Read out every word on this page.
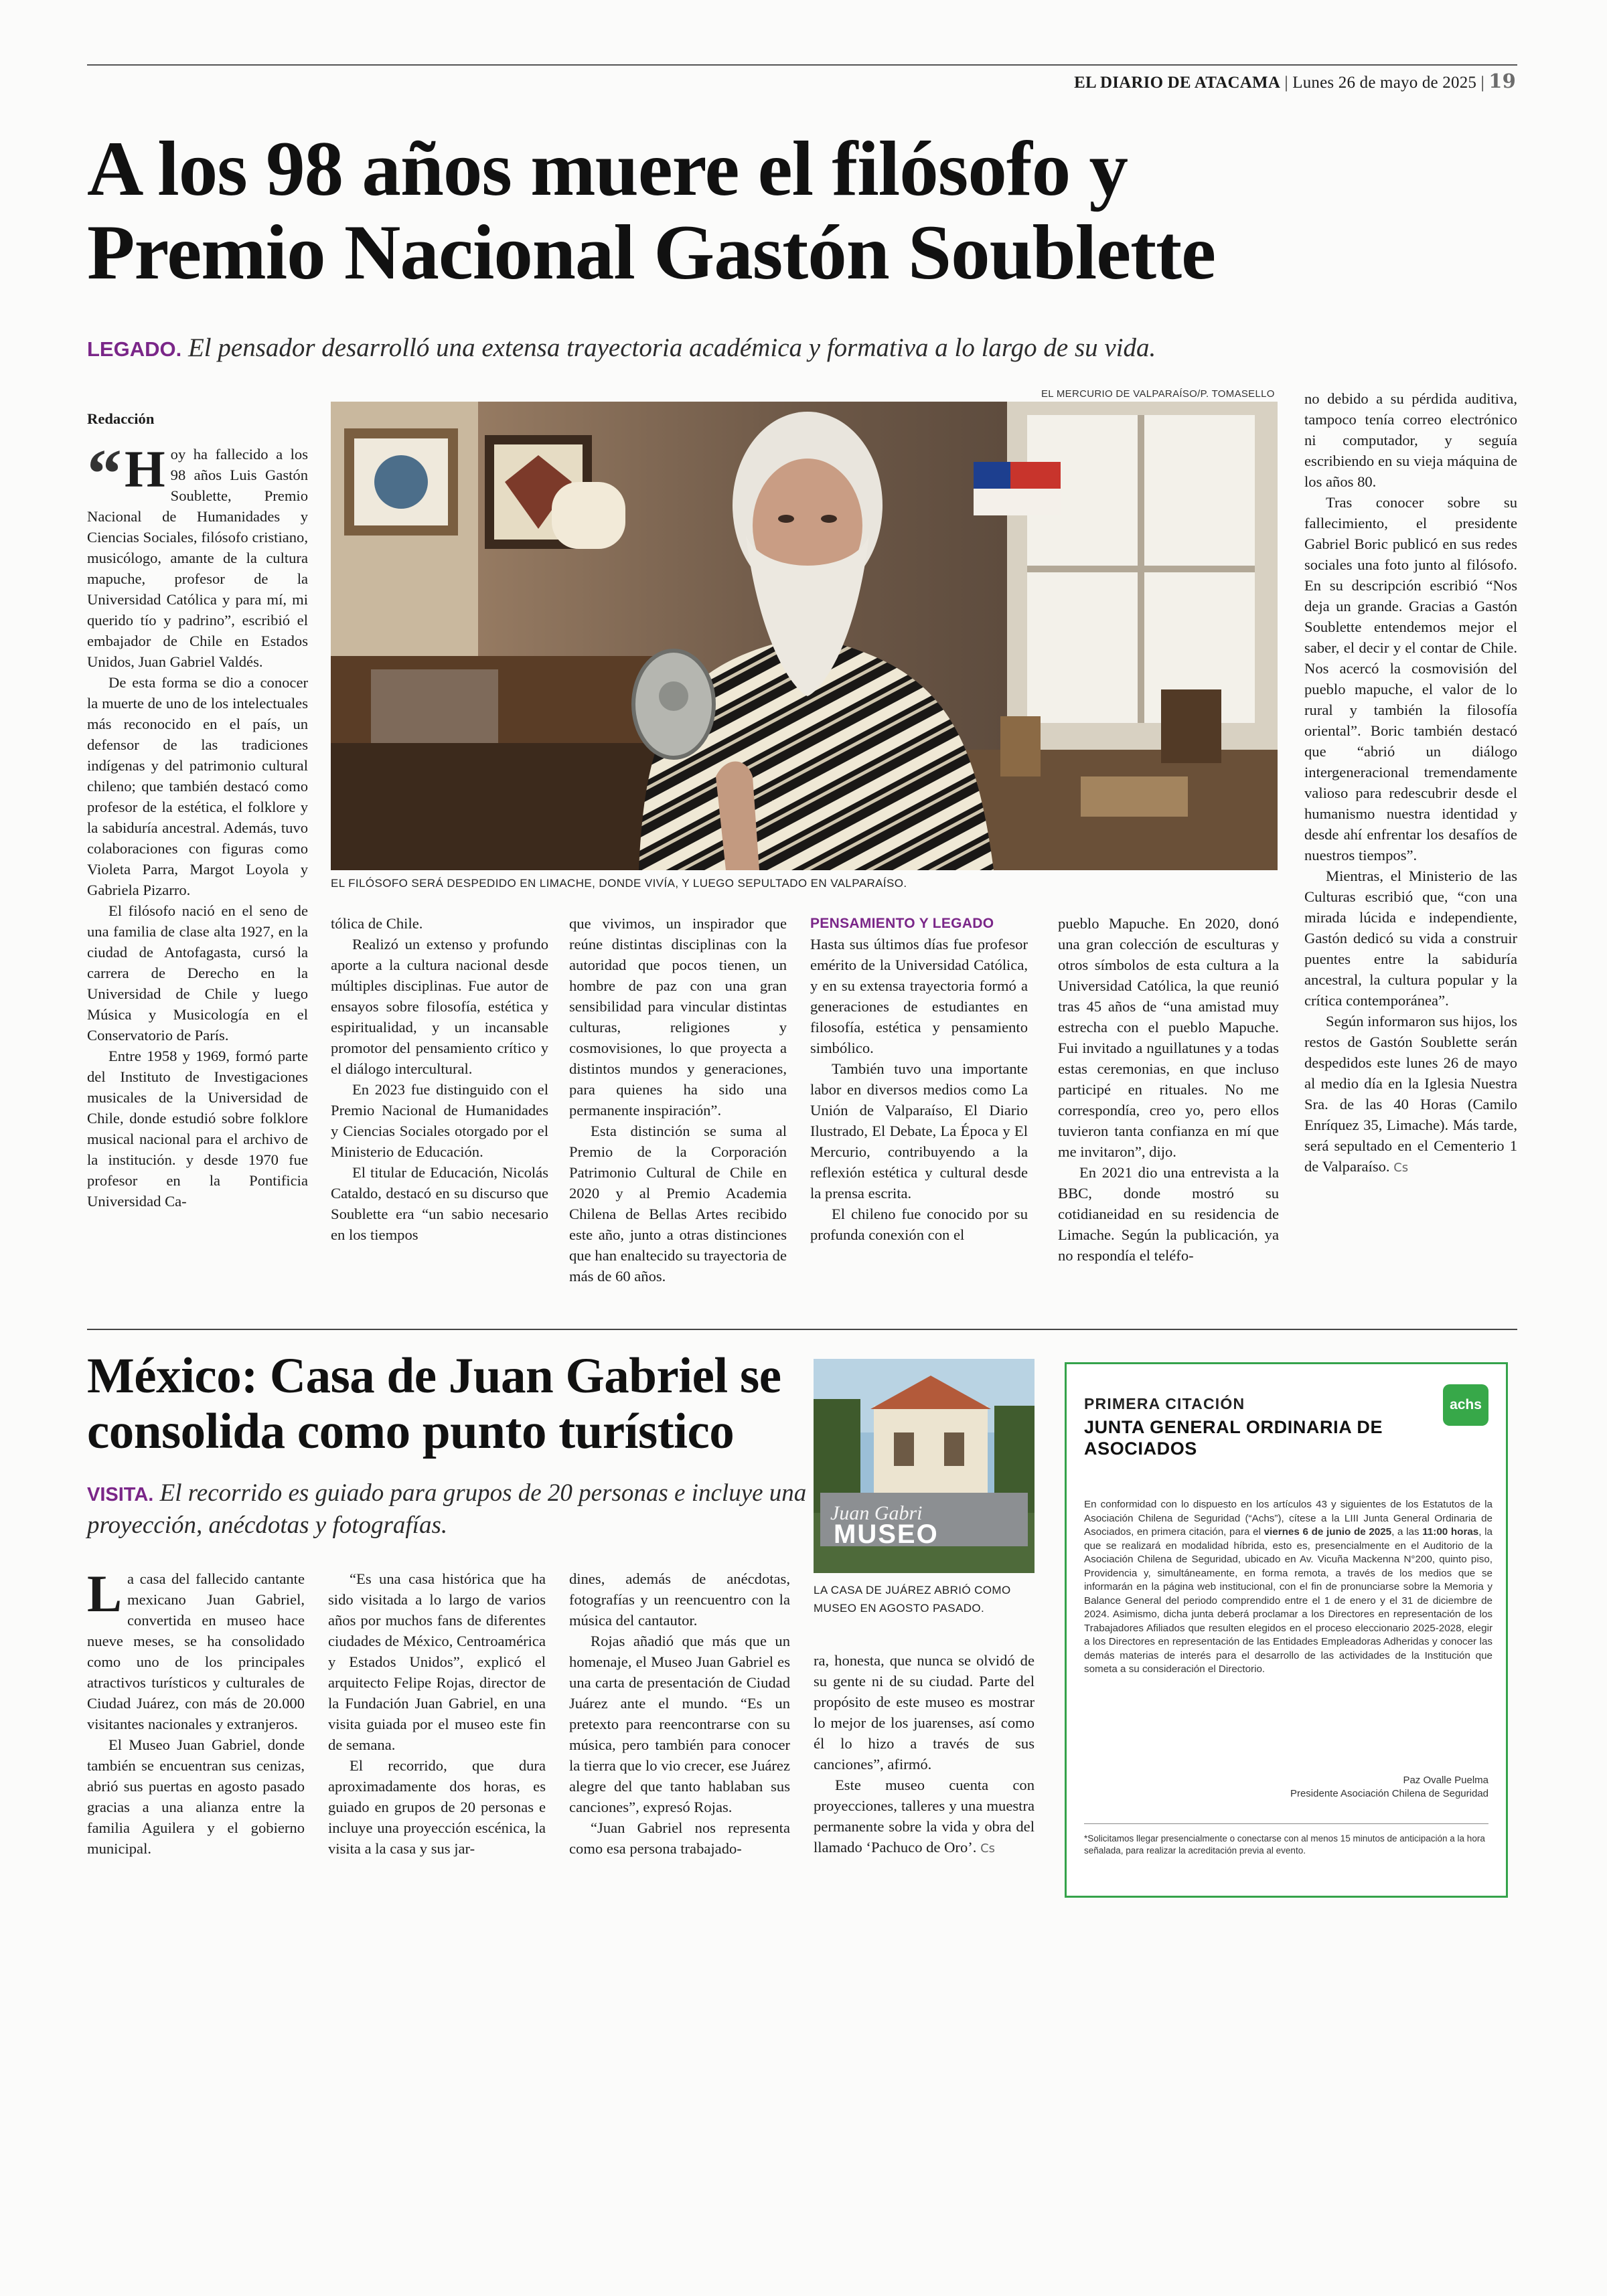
EL DIARIO DE ATACAMA | Lunes 26 de mayo de 2025 | 19
A los 98 años muere el filósofo y
Premio Nacional Gastón Soublette

LEGADO. El pensador desarrolló una extensa trayectoria académica y formativa a lo largo de su vida.

EL MERCURIO DE VALPARAÍSO/P. TOMASELLO
EL FILÓSOFO SERÁ DESPEDIDO EN LIMACHE, DONDE VIVÍA, Y LUEGO SEPULTADO EN VALPARAÍSO.

Redacción

“ H oy ha fallecido a los 98 años Luis Gastón Soublette, Premio Nacional de Humanidades y Ciencias Sociales, filósofo cristiano, musicólogo, amante de la cultura mapuche, profesor de la Universidad Católica y para mí, mi querido tío y padrino”, escribió el embajador de Chile en Estados Unidos, Juan Gabriel Valdés.

De esta forma se dio a conocer la muerte de uno de los intelectuales más reconocido en el país, un defensor de las tradiciones indígenas y del patrimonio cultural chileno; que también destacó como profesor de la estética, el folklore y la sabiduría ancestral. Además, tuvo colaboraciones con figuras como Violeta Parra, Margot Loyola y Gabriela Pizarro.

El filósofo nació en el seno de una familia de clase alta 1927, en la ciudad de Antofagasta, cursó la carrera de Derecho en la Universidad de Chile y luego Música y Musicología en el Conservatorio de París.

Entre 1958 y 1969, formó parte del Instituto de Investigaciones musicales de la Universidad de Chile, donde estudió sobre folklore musical nacional para el archivo de la institución. y desde 1970 fue profesor en la Pontificia Universidad Ca-

tólica de Chile.

Realizó un extenso y profundo aporte a la cultura nacional desde múltiples disciplinas. Fue autor de ensayos sobre filosofía, estética y espiritualidad, y un incansable promotor del pensamiento crítico y el diálogo intercultural.

En 2023 fue distinguido con el Premio Nacional de Humanidades y Ciencias Sociales otorgado por el Ministerio de Educación.

El titular de Educación, Nicolás Cataldo, destacó en su discurso que Soublette era “un sabio necesario en los tiempos

que vivimos, un inspirador que reúne distintas disciplinas con la autoridad que pocos tienen, un hombre de paz con una gran sensibilidad para vincular distintas culturas, religiones y cosmovisiones, lo que proyecta a distintos mundos y generaciones, para quienes ha sido una permanente inspiración”.

Esta distinción se suma al Premio de la Corporación Patrimonio Cultural de Chile en 2020 y al Premio Academia Chilena de Bellas Artes recibido este año, junto a otras distinciones que han enaltecido su trayectoria de más de 60 años.

PENSAMIENTO Y LEGADO

Hasta sus últimos días fue profesor emérito de la Universidad Católica, y en su extensa trayectoria formó a generaciones de estudiantes en filosofía, estética y pensamiento simbólico.

También tuvo una importante labor en diversos medios como La Unión de Valparaíso, El Diario Ilustrado, El Debate, La Época y El Mercurio, contribuyendo a la reflexión estética y cultural desde la prensa escrita.

El chileno fue conocido por su profunda conexión con el

pueblo Mapuche. En 2020, donó una gran colección de esculturas y otros símbolos de esta cultura a la Universidad Católica, la que reunió tras 45 años de “una amistad muy estrecha con el pueblo Mapuche. Fui invitado a nguillatunes y a todas estas ceremonias, en que incluso participé en rituales. No me correspondía, creo yo, pero ellos tuvieron tanta confianza en mí que me invitaron”, dijo.

En 2021 dio una entrevista a la BBC, donde mostró su cotidianeidad en su residencia de Limache. Según la publicación, ya no respondía el teléfo-

no debido a su pérdida auditiva, tampoco tenía correo electrónico ni computador, y seguía escribiendo en su vieja máquina de los años 80.

Tras conocer sobre su fallecimiento, el presidente Gabriel Boric publicó en sus redes sociales una foto junto al filósofo. En su descripción escribió “Nos deja un grande. Gracias a Gastón Soublette entendemos mejor el saber, el decir y el contar de Chile. Nos acercó la cosmovisión del pueblo mapuche, el valor de lo rural y también la filosofía oriental”. Boric también destacó que “abrió un diálogo intergeneracional tremendamente valioso para redescubrir desde el humanismo nuestra identidad y desde ahí enfrentar los desafíos de nuestros tiempos”.

Mientras, el Ministerio de las Culturas escribió que, “con una mirada lúcida e independiente, Gastón dedicó su vida a construir puentes entre la sabiduría ancestral, la cultura popular y la crítica contemporánea”.

Según informaron sus hijos, los restos de Gastón Soublette serán despedidos este lunes 26 de mayo al medio día en la Iglesia Nuestra Sra. de las 40 Horas (Camilo Enríquez 35, Limache). Más tarde, será sepultado en el Cementerio 1 de Valparaíso. Cs

México: Casa de Juan Gabriel se
consolida como punto turístico

VISITA. El recorrido es guiado para grupos de 20 personas e incluye una proyección, anécdotas y fotografías.	Juan Gabri
MUSEO
LA CASA DE JUÁREZ ABRIÓ COMO MUSEO EN AGOSTO PASADO.

La casa del fallecido cantante mexicano Juan Gabriel, convertida en museo hace nueve meses, se ha consolidado como uno de los principales atractivos turísticos y culturales de Ciudad Juárez, con más de 20.000 visitantes nacionales y extranjeros.

El Museo Juan Gabriel, donde también se encuentran sus cenizas, abrió sus puertas en agosto pasado gracias a una alianza entre la familia Aguilera y el gobierno municipal.

“Es una casa histórica que ha sido visitada a lo largo de varios años por muchos fans de diferentes ciudades de México, Centroamérica y Estados Unidos”, explicó el arquitecto Felipe Rojas, director de la Fundación Juan Gabriel, en una visita guiada por el museo este fin de semana.

El recorrido, que dura aproximadamente dos horas, es guiado en grupos de 20 personas e incluye una proyección escénica, la visita a la casa y sus jar-

dines, además de anécdotas, fotografías y un reencuentro con la música del cantautor.

Rojas añadió que más que un homenaje, el Museo Juan Gabriel es una carta de presentación de Ciudad Juárez ante el mundo. “Es un pretexto para reencontrarse con su música, pero también para conocer la tierra que lo vio crecer, ese Juárez alegre del que tanto hablaban sus canciones”, expresó Rojas.

“Juan Gabriel nos representa como esa persona trabajado-

ra, honesta, que nunca se olvidó de su gente ni de su ciudad. Parte del propósito de este museo es mostrar lo mejor de los juarenses, así como él lo hizo a través de sus canciones”, afirmó.

Este museo cuenta con proyecciones, talleres y una muestra permanente sobre la vida y obra del llamado ‘Pachuco de Oro’. Cs

PRIMERA CITACIÓN
JUNTA GENERAL ORDINARIA DE ASOCIADOS
achs
En conformidad con lo dispuesto en los artículos 43 y siguientes de los Estatutos de la Asociación Chilena de Seguridad (“Achs”), cítese a la LIII Junta General Ordinaria de Asociados, en primera citación, para el viernes 6 de junio de 2025, a las 11:00 horas, la que se realizará en modalidad híbrida, esto es, presencialmente en el Auditorio de la Asociación Chilena de Seguridad, ubicado en Av. Vicuña Mackenna N°200, quinto piso, Providencia y, simultáneamente, en forma remota, a través de los medios que se informarán en la página web institucional, con el fin de pronunciarse sobre la Memoria y Balance General del periodo comprendido entre el 1 de enero y el 31 de diciembre de 2024. Asimismo, dicha junta deberá proclamar a los Directores en representación de los Trabajadores Afiliados que resulten elegidos en el proceso eleccionario 2025-2028, elegir a los Directores en representación de las Entidades Empleadoras Adheridas y conocer las demás materias de interés para el desarrollo de las actividades de la Institución que someta a su consideración el Directorio.
Paz Ovalle Puelma
Presidente Asociación Chilena de Seguridad
*Solicitamos llegar presencialmente o conectarse con al menos 15 minutos de anticipación a la hora señalada, para realizar la acreditación previa al evento.
